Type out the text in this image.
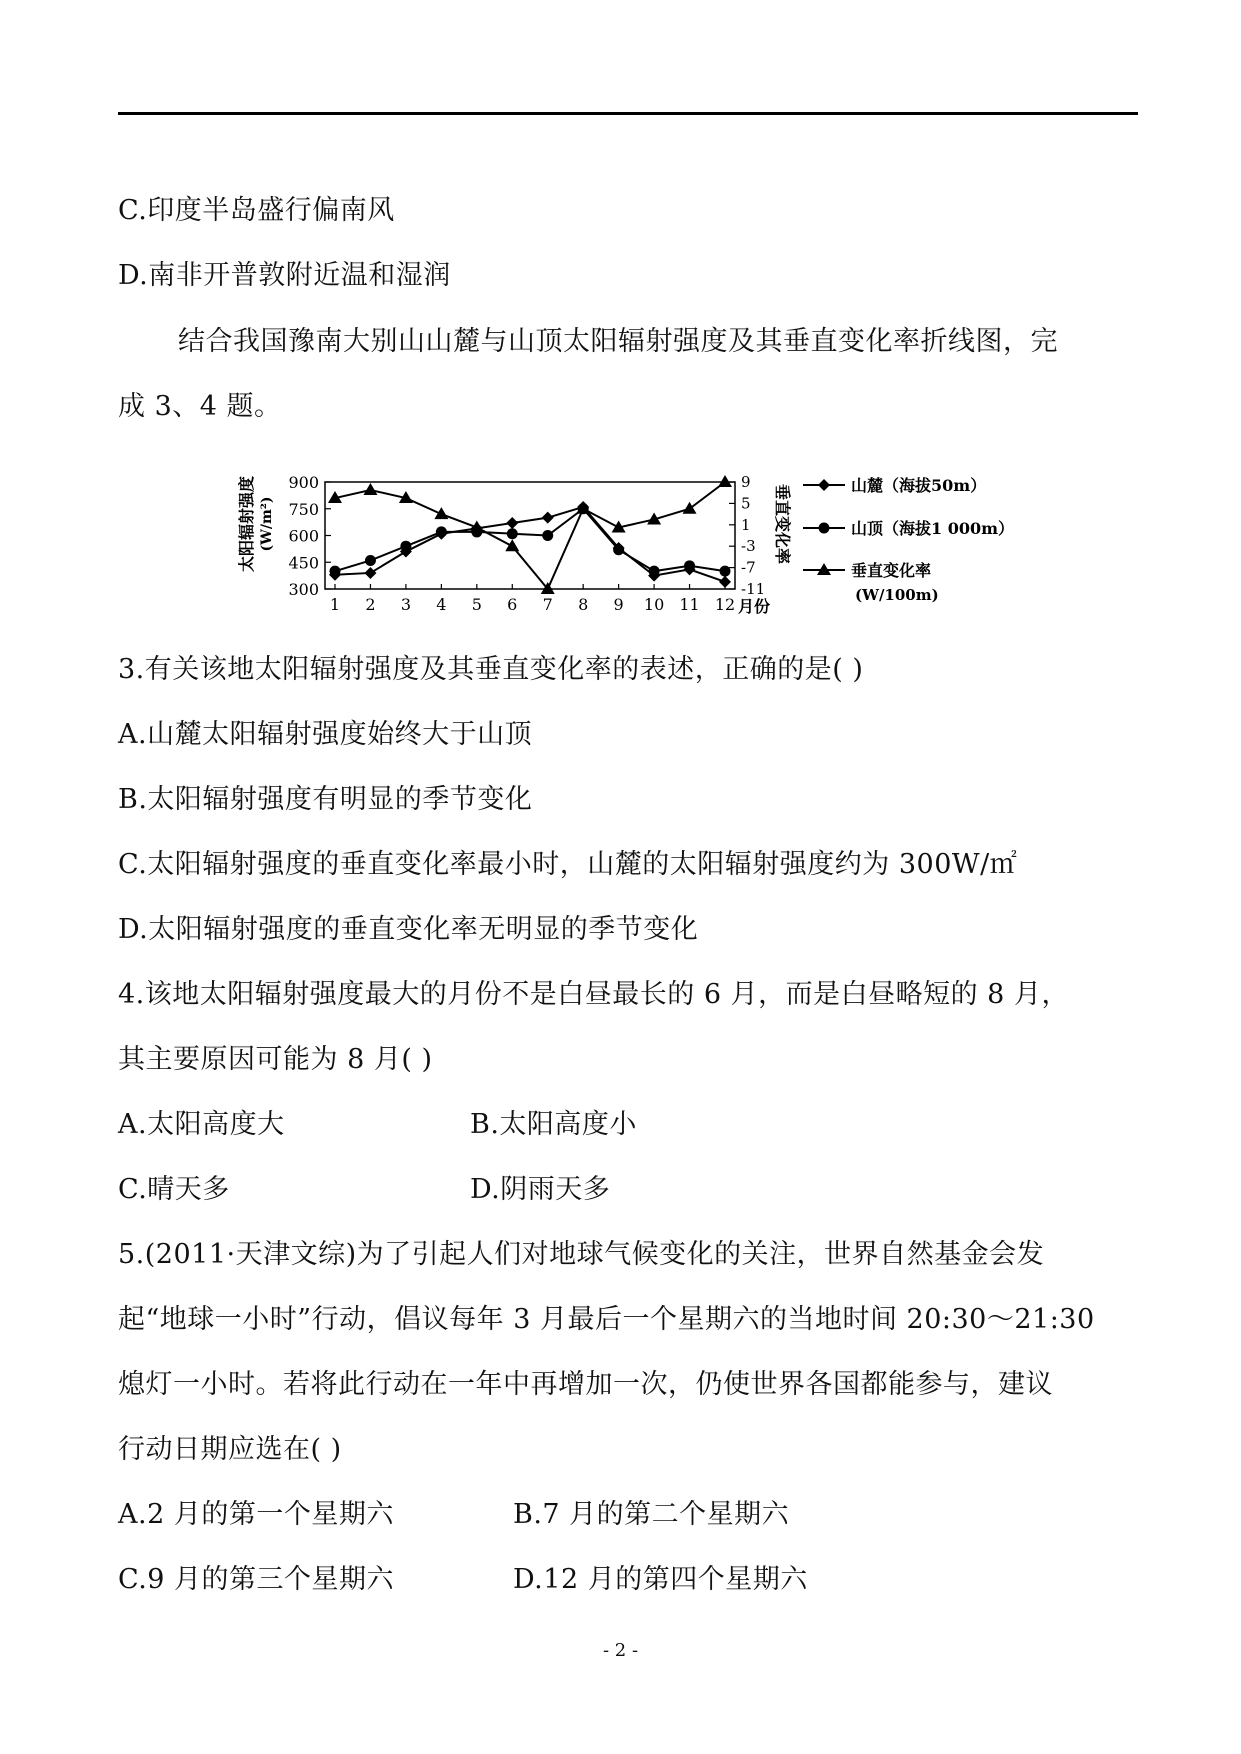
C.印度半岛盛行偏南风
D.南非开普敦附近温和湿润
结合我国豫南大别山山麓与山顶太阳辐射强度及其垂直变化率折线图，完
成 3、4 题。
太阳辐射强度 (W/m²)	垂直变化率
月份
900
750
600
450
300
9
5
1
-3
-7
-11
1 2 3 4 5 6 7 8 9 10 11 12
山麓（海拔50m）
山顶（海拔1 000m）
垂直变化率
(W/100m)
3.有关该地太阳辐射强度及其垂直变化率的表述，正确的是( )
A.山麓太阳辐射强度始终大于山顶
B.太阳辐射强度有明显的季节变化
C.太阳辐射强度的垂直变化率最小时，山麓的太阳辐射强度约为 300W/㎡
D.太阳辐射强度的垂直变化率无明显的季节变化
4.该地太阳辐射强度最大的月份不是白昼最长的 6 月，而是白昼略短的 8 月，
其主要原因可能为 8 月( )
A.太阳高度大	B.太阳高度小
C.晴天多	D.阴雨天多
5.(2011·天津文综)为了引起人们对地球气候变化的关注，世界自然基金会发
起“地球一小时”行动，倡议每年 3 月最后一个星期六的当地时间 20:30～21:30
熄灯一小时。若将此行动在一年中再增加一次，仍使世界各国都能参与，建议
行动日期应选在( )
A.2 月的第一个星期六	B.7 月的第二个星期六
C.9 月的第三个星期六	D.12 月的第四个星期六
- 2 -
